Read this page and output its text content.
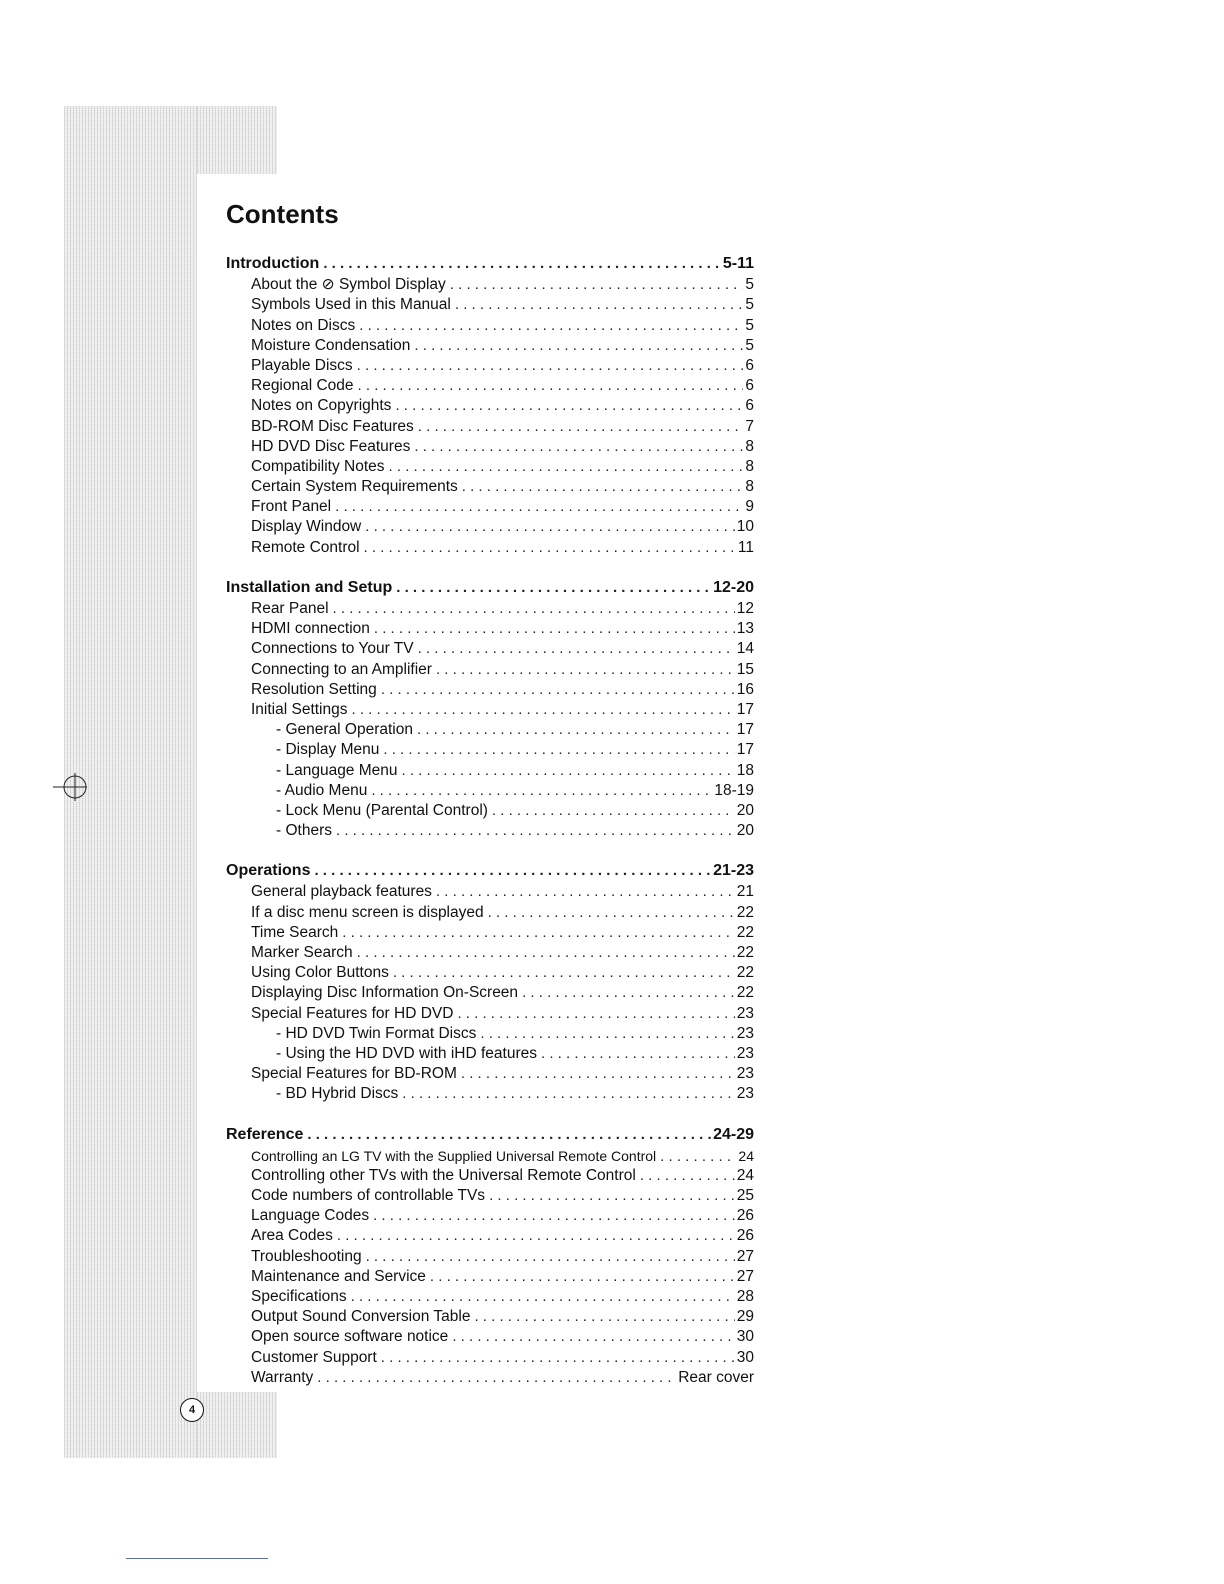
Contents
Introduction . . .	5-11
About the ⊘ Symbol Display . . .	5
Symbols Used in this Manual . . .	5
Notes on Discs . . .	5
Moisture Condensation . . .	5
Playable Discs . . .	6
Regional Code . . .	6
Notes on Copyrights . . .	6
BD-ROM Disc Features . . .	7
HD DVD Disc Features . . .	8
Compatibility Notes . . .	8
Certain System Requirements . . .	8
Front Panel . . .	9
Display Window . . .	10
Remote Control . . .	11
Installation and Setup . . .	12-20
Rear Panel . . .	12
HDMI connection . . .	13
Connections to Your TV . . .	14
Connecting to an Amplifier . . .	15
Resolution Setting . . .	16
Initial Settings . . .	17
- General Operation . . .	17
- Display Menu . . .	17
- Language Menu . . .	18
- Audio Menu . . .	18-19
- Lock Menu (Parental Control) . . .	20
- Others . . .	20
Operations . . .	21-23
General playback features . . .	21
If a disc menu screen is displayed . . .	22
Time Search . . .	22
Marker Search . . .	22
Using Color Buttons . . .	22
Displaying Disc Information On-Screen . . .	22
Special Features for HD DVD . . .	23
- HD DVD Twin Format Discs . . .	23
- Using the HD DVD with iHD features . . .	23
Special Features for BD-ROM . . .	23
- BD Hybrid Discs . . .	23
Reference . . .	24-29
Controlling an LG TV with the Supplied Universal Remote Control . . .	24
Controlling other TVs with the Universal Remote Control . . .	24
Code numbers of controllable TVs . . .	25
Language Codes . . .	26
Area Codes . . .	26
Troubleshooting . . .	27
Maintenance and Service . . .	27
Specifications . . .	28
Output Sound Conversion Table . . .	29
Open source software notice . . .	30
Customer Support . . .	30
Warranty . . .	Rear cover
4
